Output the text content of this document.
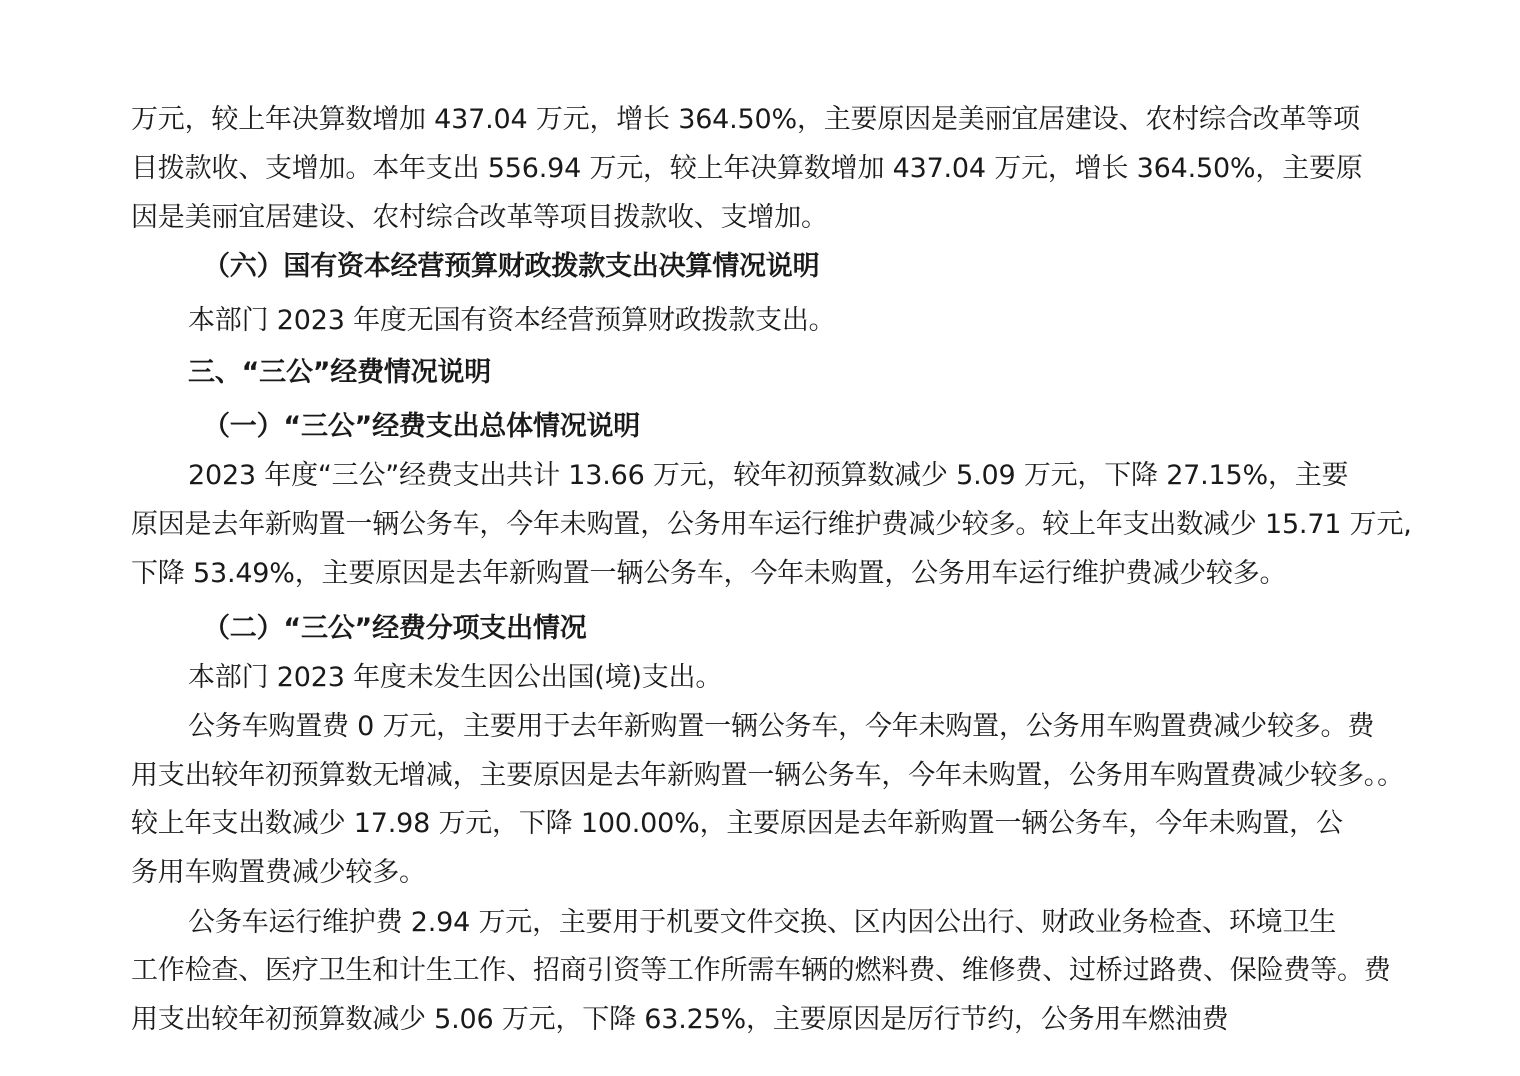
万元，较上年决算数增加 437.04 万元，增长 364.50%，主要原因是美丽宜居建设、农村综合改革等项
目拨款收、支增加。本年支出 556.94 万元，较上年决算数增加 437.04 万元，增长 364.50%，主要原
因是美丽宜居建设、农村综合改革等项目拨款收、支增加。
（六）国有资本经营预算财政拨款支出决算情况说明
本部门 2023 年度无国有资本经营预算财政拨款支出。
三、“三公”经费情况说明
（一）“三公”经费支出总体情况说明
2023 年度“三公”经费支出共计 13.66 万元，较年初预算数减少 5.09 万元，下降 27.15%，主要
原因是去年新购置一辆公务车，今年未购置，公务用车运行维护费减少较多。较上年支出数减少 15.71 万元,
下降 53.49%，主要原因是去年新购置一辆公务车，今年未购置，公务用车运行维护费减少较多。
（二）“三公”经费分项支出情况
本部门 2023 年度未发生因公出国(境)支出。
公务车购置费 0 万元，主要用于去年新购置一辆公务车，今年未购置，公务用车购置费减少较多。费
用支出较年初预算数无增减，主要原因是去年新购置一辆公务车，今年未购置，公务用车购置费减少较多。。
较上年支出数减少 17.98 万元，下降 100.00%，主要原因是去年新购置一辆公务车，今年未购置，公
务用车购置费减少较多。
公务车运行维护费 2.94 万元，主要用于机要文件交换、区内因公出行、财政业务检查、环境卫生
工作检查、医疗卫生和计生工作、招商引资等工作所需车辆的燃料费、维修费、过桥过路费、保险费等。费
用支出较年初预算数减少 5.06 万元，下降 63.25%，主要原因是厉行节约，公务用车燃油费
